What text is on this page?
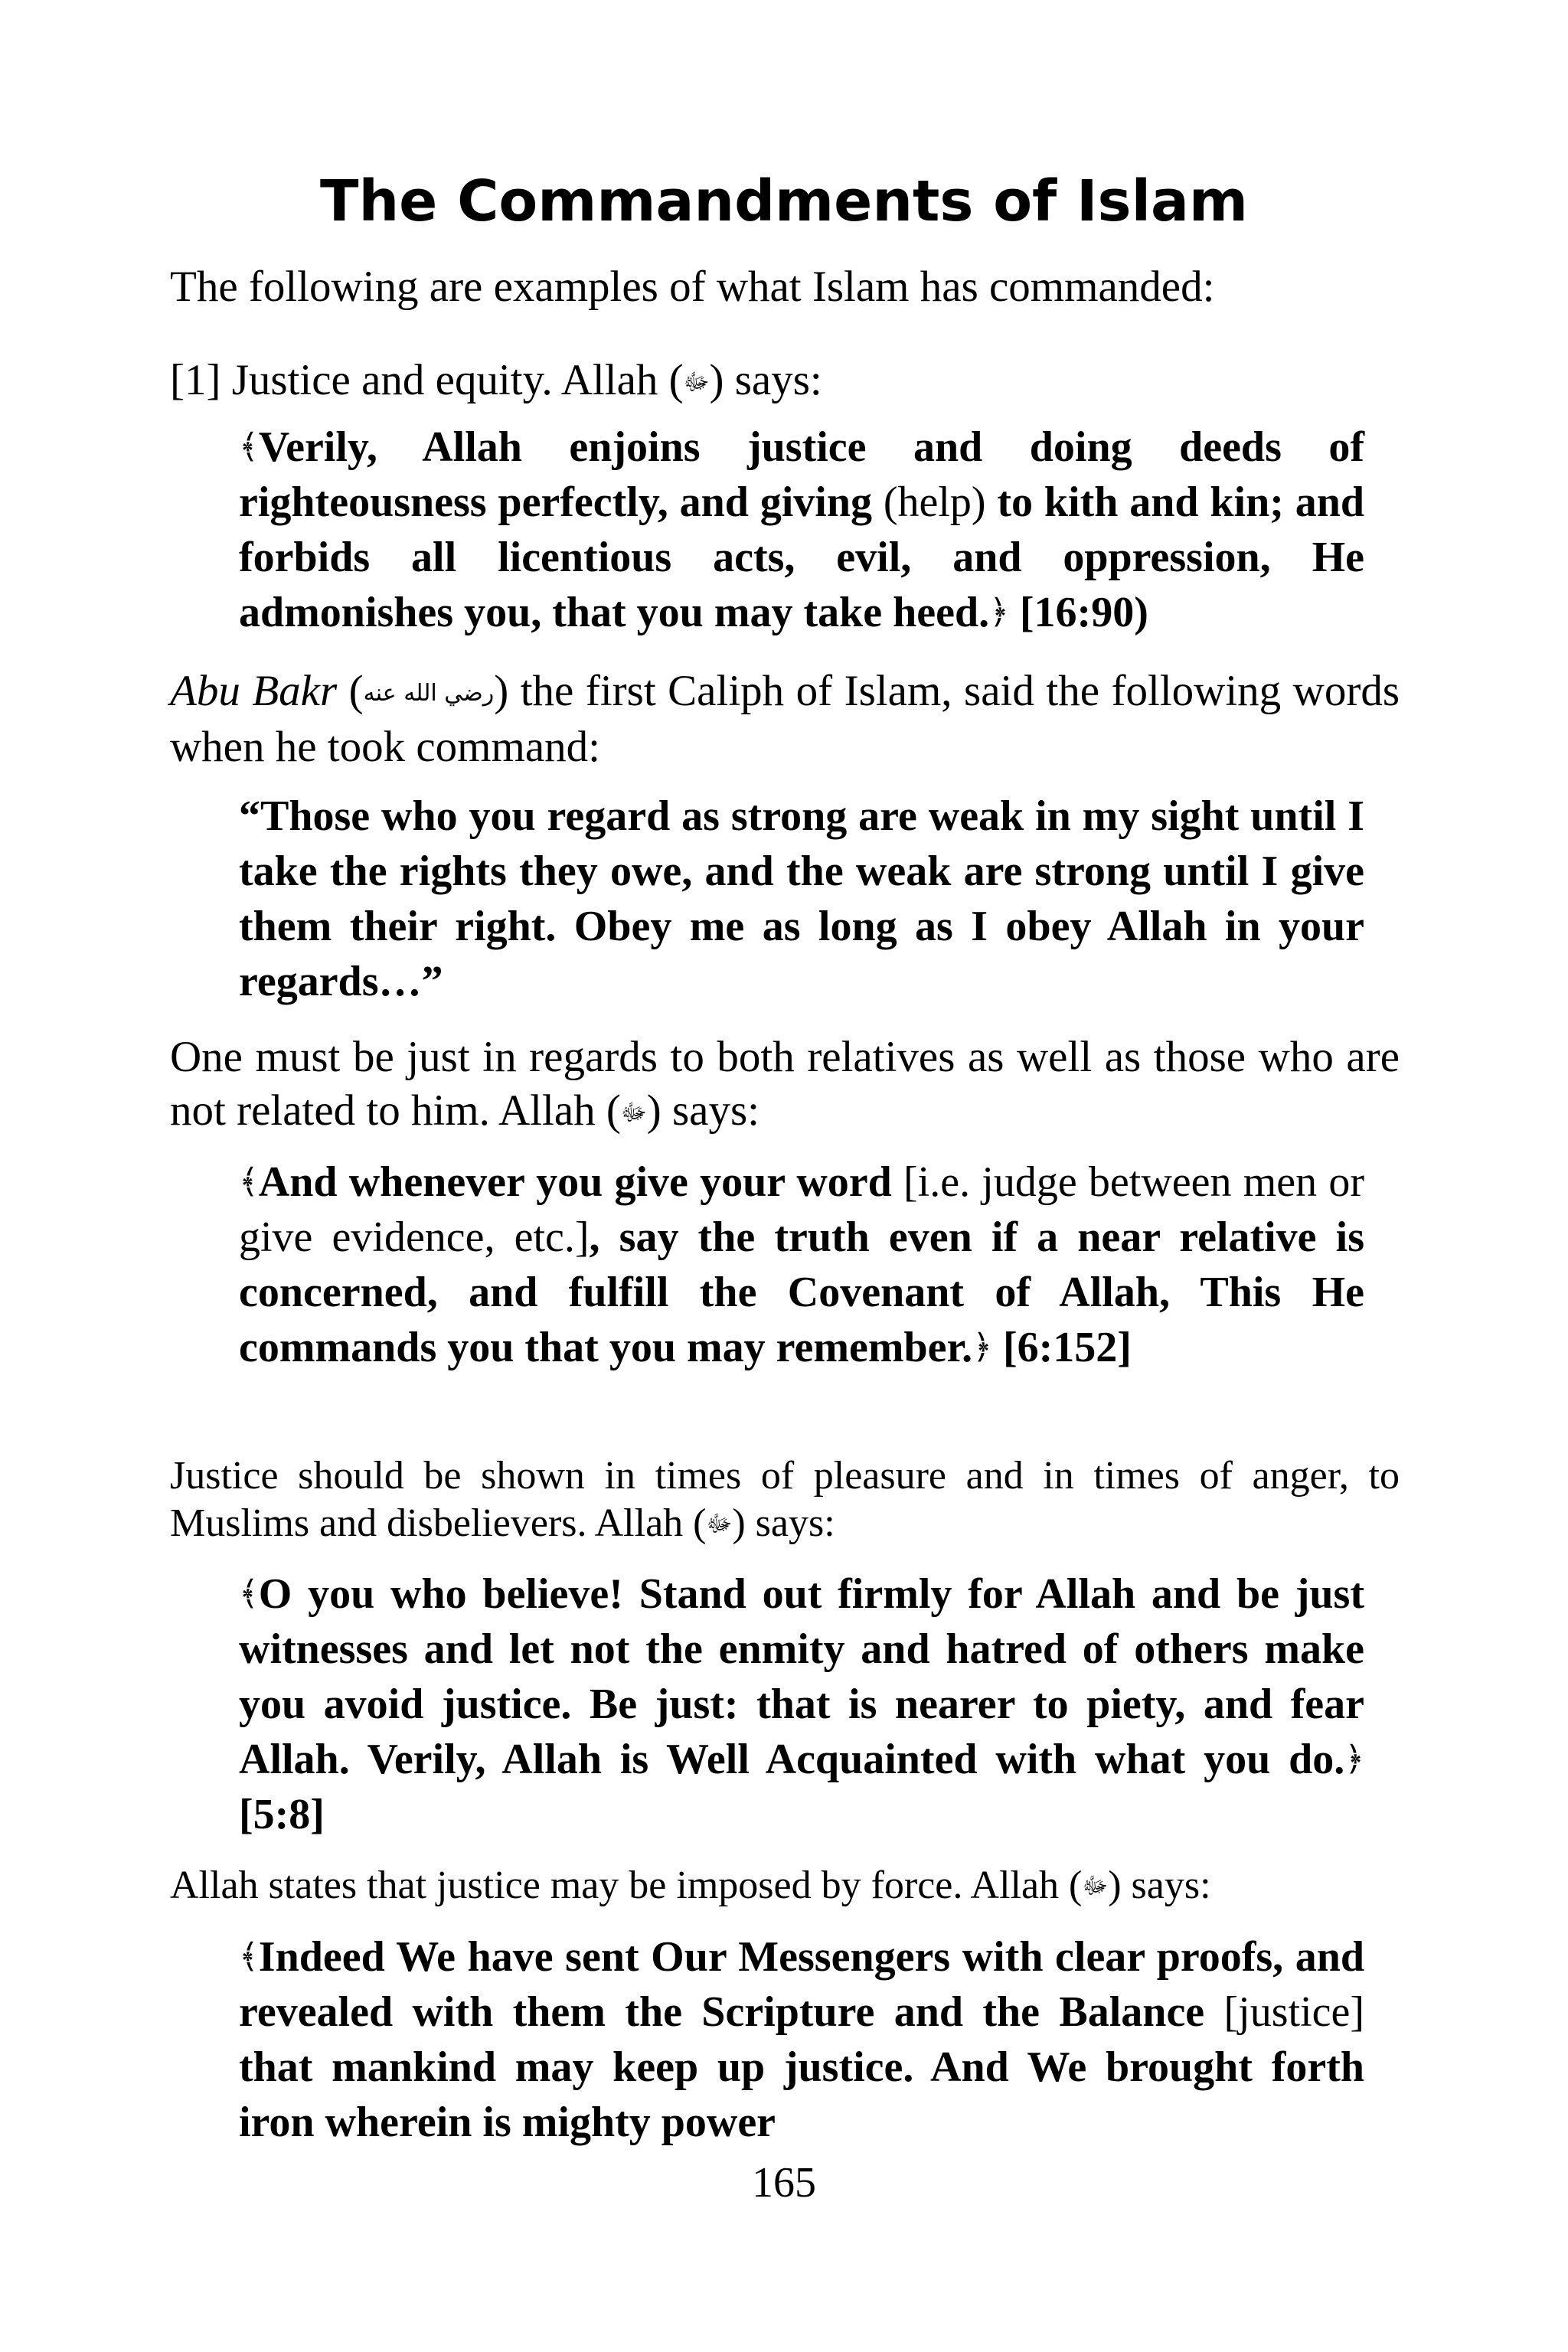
The Commandments of Islam

The following are examples of what Islam has commanded:

[1] Justice and equity. Allah (ﷻ) says:

﴾Verily, Allah enjoins justice and doing deeds of righteousness perfectly, and giving (help) to kith and kin; and forbids all licentious acts, evil, and oppression, He admonishes you, that you may take heed.﴿ [16:90)

Abu Bakr (رضي الله عنه) the first Caliph of Islam, said the following words when he took command:

“Those who you regard as strong are weak in my sight until I take the rights they owe, and the weak are strong until I give them their right. Obey me as long as I obey Allah in your regards…”

One must be just in regards to both relatives as well as those who are not related to him. Allah (ﷻ) says:

﴾And whenever you give your word [i.e. judge between men or give evidence, etc.], say the truth even if a near relative is concerned, and fulfill the Covenant of Allah, This He commands you that you may remember.﴿ [6:152]

Justice should be shown in times of pleasure and in times of anger, to Muslims and disbelievers. Allah (ﷻ) says:

﴾O you who believe! Stand out firmly for Allah and be just witnesses and let not the enmity and hatred of others make you avoid justice. Be just: that is nearer to piety, and fear Allah. Verily, Allah is Well Acquainted with what you do.﴿ [5:8]

Allah states that justice may be imposed by force. Allah (ﷻ) says:

﴾Indeed We have sent Our Messengers with clear proofs, and revealed with them the Scripture and the Balance [justice] that mankind may keep up justice. And We brought forth iron wherein is mighty power

165
